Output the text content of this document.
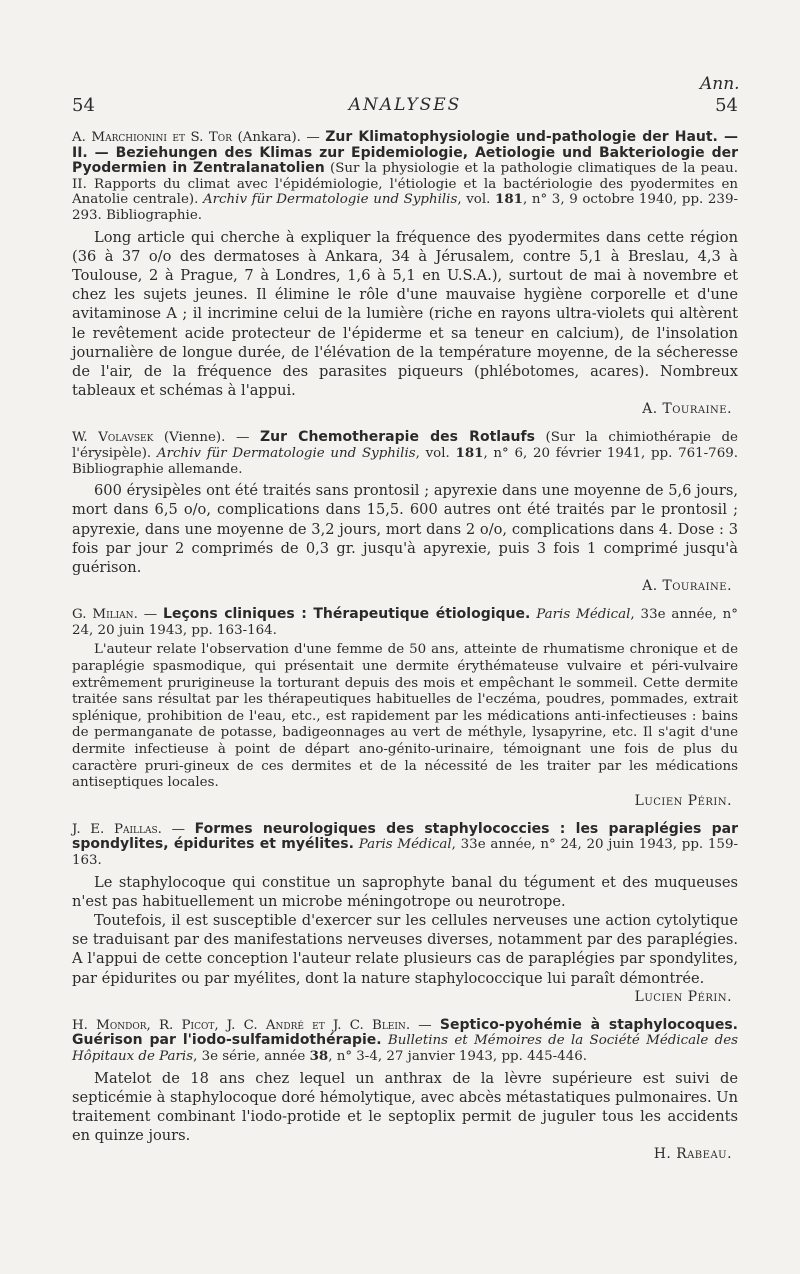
Ann.
54	ANALYSES	54

A. Marchionini et S. Tor (Ankara). — Zur Klimatophysiologie und-pathologie der Haut. — II. — Beziehungen des Klimas zur Epidemiologie, Aetiologie und Bakteriologie der Pyodermien in Zentralanatolien (Sur la physiologie et la pathologie climatiques de la peau. II. Rapports du climat avec l'épidémiologie, l'étiologie et la bactériologie des pyodermites en Anatolie centrale). Archiv für Dermatologie und Syphilis, vol. 181, n° 3, 9 octobre 1940, pp. 239-293. Bibliographie.

Long article qui cherche à expliquer la fréquence des pyodermites dans cette région (36 à 37 o/o des dermatoses à Ankara, 34 à Jérusalem, contre 5,1 à Breslau, 4,3 à Toulouse, 2 à Prague, 7 à Londres, 1,6 à 5,1 en U.S.A.), surtout de mai à novembre et chez les sujets jeunes. Il élimine le rôle d'une mauvaise hygiène corporelle et d'une avitaminose A ; il incrimine celui de la lumière (riche en rayons ultra-violets qui altèrent le revêtement acide protecteur de l'épiderme et sa teneur en calcium), de l'insolation journalière de longue durée, de l'élévation de la température moyenne, de la sécheresse de l'air, de la fréquence des parasites piqueurs (phlébotomes, acares). Nombreux tableaux et schémas à l'appui.

A. Touraine.

W. Volavsek (Vienne). — Zur Chemotherapie des Rotlaufs (Sur la chimiothérapie de l'érysipèle). Archiv für Dermatologie und Syphilis, vol. 181, n° 6, 20 février 1941, pp. 761-769. Bibliographie allemande.

600 érysipèles ont été traités sans prontosil ; apyrexie dans une moyenne de 5,6 jours, mort dans 6,5 o/o, complications dans 15,5. 600 autres ont été traités par le prontosil ; apyrexie, dans une moyenne de 3,2 jours, mort dans 2 o/o, complications dans 4. Dose : 3 fois par jour 2 comprimés de 0,3 gr. jusqu'à apyrexie, puis 3 fois 1 comprimé jusqu'à guérison.

A. Touraine.

G. Milian. — Leçons cliniques : Thérapeutique étiologique. Paris Médical, 33e année, n° 24, 20 juin 1943, pp. 163-164.

L'auteur relate l'observation d'une femme de 50 ans, atteinte de rhumatisme chronique et de paraplégie spasmodique, qui présentait une dermite érythémateuse vulvaire et péri-vulvaire extrêmement prurigineuse la torturant depuis des mois et empêchant le sommeil. Cette dermite traitée sans résultat par les thérapeutiques habituelles de l'eczéma, poudres, pommades, extrait splénique, prohibition de l'eau, etc., est rapidement par les médications anti-infectieuses : bains de permanganate de potasse, badigeonnages au vert de méthyle, lysapyrine, etc. Il s'agit d'une dermite infectieuse à point de départ ano-génito-urinaire, témoignant une fois de plus du caractère pruri-gineux de ces dermites et de la nécessité de les traiter par les médications antiseptiques locales.

Lucien Périn.

J. E. Paillas. — Formes neurologiques des staphylococcies : les paraplégies par spondylites, épidurites et myélites. Paris Médical, 33e année, n° 24, 20 juin 1943, pp. 159-163.

Le staphylocoque qui constitue un saprophyte banal du tégument et des muqueuses n'est pas habituellement un microbe méningotrope ou neurotrope.

Toutefois, il est susceptible d'exercer sur les cellules nerveuses une action cytolytique se traduisant par des manifestations nerveuses diverses, notamment par des paraplégies. A l'appui de cette conception l'auteur relate plusieurs cas de paraplégies par spondylites, par épidurites ou par myélites, dont la nature staphylococcique lui paraît démontrée.

Lucien Périn.

H. Mondor, R. Picot, J. C. André et J. C. Blein. — Septico-pyohémie à staphylocoques. Guérison par l'iodo-sulfamidothérapie. Bulletins et Mémoires de la Société Médicale des Hôpitaux de Paris, 3e série, année 38, n° 3-4, 27 janvier 1943, pp. 445-446.

Matelot de 18 ans chez lequel un anthrax de la lèvre supérieure est suivi de septicémie à staphylocoque doré hémolytique, avec abcès métastatiques pulmonaires. Un traitement combinant l'iodo-protide et le septoplix permit de juguler tous les accidents en quinze jours.

H. Rabeau.
